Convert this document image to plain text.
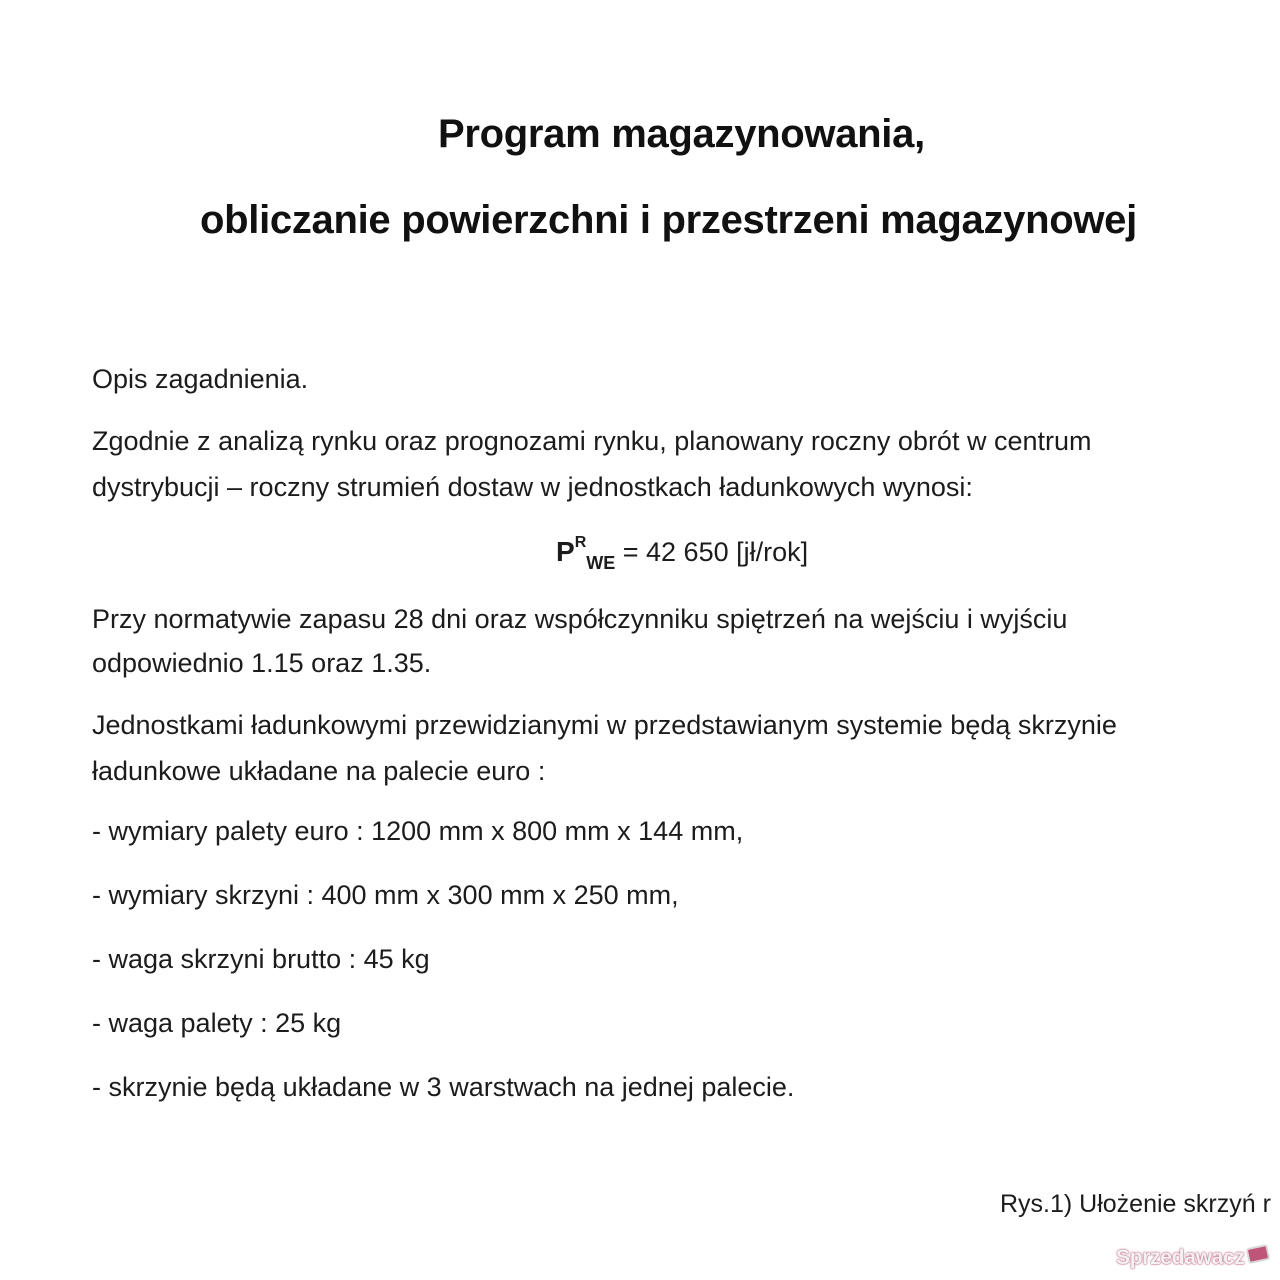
Program magazynowania,
obliczanie powierzchni i przestrzeni magazynowej
Opis zagadnienia.
Zgodnie z analizą rynku oraz prognozami rynku, planowany roczny obrót w centrum
dystrybucji – roczny strumień dostaw w jednostkach ładunkowych wynosi:
$P^R_{WE} = 42$ 650 [jł/rok]
Przy normatywie zapasu 28 dni oraz współczynniku spiętrzeń na wejściu i wyjściu
odpowiednio 1.15 oraz 1.35.
Jednostkami ładunkowymi przewidzianymi w przedstawianym systemie będą skrzynie
ładunkowe układane na palecie euro :
- wymiary palety euro : 1200 mm x 800 mm x 144 mm,
- wymiary skrzyni : 400 mm x 300 mm x 250 mm,
- waga skrzyni brutto : 45 kg
- waga palety : 25 kg
- skrzynie będą układane w 3 warstwach na jednej palecie.
Rys.1) Ułożenie skrzyń r
Sprzedawacz
